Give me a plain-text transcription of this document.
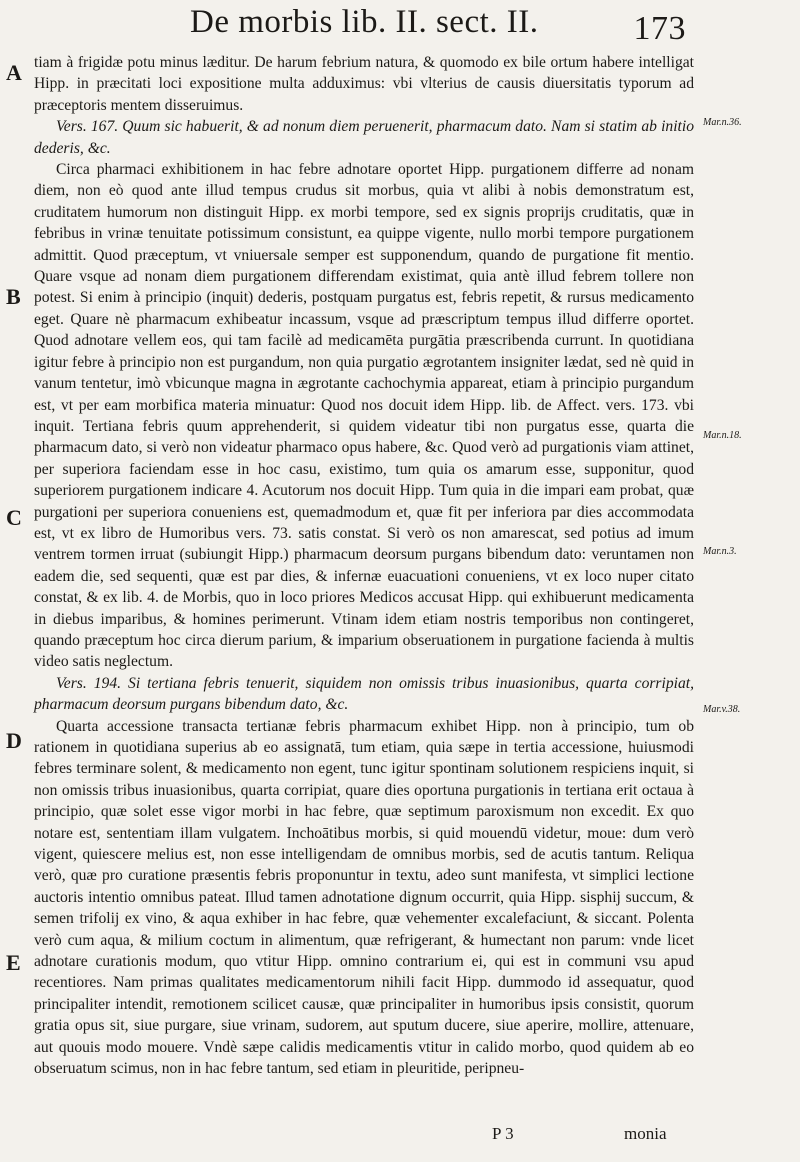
De morbis lib. II. sect. II.	173
A
B
C
D
E
Mar.n.36.
Mar.n.18.
Mar.n.3.
Mar.v.38.

tiam à frigidæ potu minus læditur. De harum febrium natura, & quomodo ex bile ortum habere intelligat Hipp. in præcitati loci expositione multa adduximus: vbi vlterius de causis diuersitatis typorum ad præceptoris mentem disseruimus.

Vers. 167. Quum sic habuerit, & ad nonum diem peruenerit, pharmacum dato. Nam si statim ab initio dederis, &c.

Circa pharmaci exhibitionem in hac febre adnotare oportet Hipp. purgationem differre ad nonam diem, non eò quod ante illud tempus crudus sit morbus, quia vt alibi à nobis demonstratum est, cruditatem humorum non distinguit Hipp. ex morbi tempore, sed ex signis proprijs cruditatis, quæ in febribus in vrinæ tenuitate potissimum consistunt, ea quippe vigente, nullo morbi tempore purgationem admittit. Quod præceptum, vt vniuersale semper est supponendum, quando de purgatione fit mentio. Quare vsque ad nonam diem purgationem differendam existimat, quia antè illud febrem tollere non potest. Si enim à principio (inquit) dederis, postquam purgatus est, febris repetit, & rursus medicamento eget. Quare nè pharmacum exhibeatur incassum, vsque ad præscriptum tempus illud differre oportet. Quod adnotare vellem eos, qui tam facilè ad medicamēta purgātia præscribenda currunt. In quotidiana igitur febre à principio non est purgandum, non quia purgatio ægrotantem insigniter lædat, sed nè quid in vanum tentetur, imò vbicunque magna in ægrotante cachochymia appareat, etiam à principio purgandum est, vt per eam morbifica materia minuatur: Quod nos docuit idem Hipp. lib. de Affect. vers. 173. vbi inquit. Tertiana febris quum apprehenderit, si quidem videatur tibi non purgatus esse, quarta die pharmacum dato, si verò non videatur pharmaco opus habere, &c. Quod verò ad purgationis viam attinet, per superiora faciendam esse in hoc casu, existimo, tum quia os amarum esse, supponitur, quod superiorem purgationem indicare 4. Acutorum nos docuit Hipp. Tum quia in die impari eam probat, quæ purgationi per superiora conueniens est, quemadmodum et, quæ fit per inferiora par dies accommodata est, vt ex libro de Humoribus vers. 73. satis constat. Si verò os non amarescat, sed potius ad imum ventrem tormen irruat (subiungit Hipp.) pharmacum deorsum purgans bibendum dato: veruntamen non eadem die, sed sequenti, quæ est par dies, & infernæ euacuationi conueniens, vt ex loco nuper citato constat, & ex lib. 4. de Morbis, quo in loco priores Medicos accusat Hipp. qui exhibuerunt medicamenta in diebus imparibus, & homines perimerunt. Vtinam idem etiam nostris temporibus non contingeret, quando præceptum hoc circa dierum parium, & imparium obseruationem in purgatione facienda à multis video satis neglectum.

Vers. 194. Si tertiana febris tenuerit, siquidem non omissis tribus inuasionibus, quarta corripiat, pharmacum deorsum purgans bibendum dato, &c.

Quarta accessione transacta tertianæ febris pharmacum exhibet Hipp. non à principio, tum ob rationem in quotidiana superius ab eo assignatā, tum etiam, quia sæpe in tertia accessione, huiusmodi febres terminare solent, & medicamento non egent, tunc igitur spontinam solutionem respiciens inquit, si non omissis tribus inuasionibus, quarta corripiat, quare dies oportuna purgationis in tertiana erit octaua à principio, quæ solet esse vigor morbi in hac febre, quæ septimum paroxismum non excedit. Ex quo notare est, sententiam illam vulgatem. Inchoātibus morbis, si quid mouendū videtur, moue: dum verò vigent, quiescere melius est, non esse intelligendam de omnibus morbis, sed de acutis tantum. Reliqua verò, quæ pro curatione præsentis febris proponuntur in textu, adeo sunt manifesta, vt simplici lectione auctoris intentio omnibus pateat. Illud tamen adnotatione dignum occurrit, quia Hipp. sisphij succum, & semen trifolij ex vino, & aqua exhiber in hac febre, quæ vehementer excalefaciunt, & siccant. Polenta verò cum aqua, & milium coctum in alimentum, quæ refrigerant, & humectant non parum: vnde licet adnotare curationis modum, quo vtitur Hipp. omnino contrarium ei, qui est in communi vsu apud recentiores. Nam primas qualitates medicamentorum nihili facit Hipp. dummodo id assequatur, quod principaliter intendit, remotionem scilicet causæ, quæ principaliter in humoribus ipsis consistit, quorum gratia opus sit, siue purgare, siue vrinam, sudorem, aut sputum ducere, siue aperire, mollire, attenuare, aut quouis modo mouere. Vndè sæpe calidis medicamentis vtitur in calido morbo, quod quidem ab eo obseruatum scimus, non in hac febre tantum, sed etiam in pleuritide, peripneu-

P 3	monia
